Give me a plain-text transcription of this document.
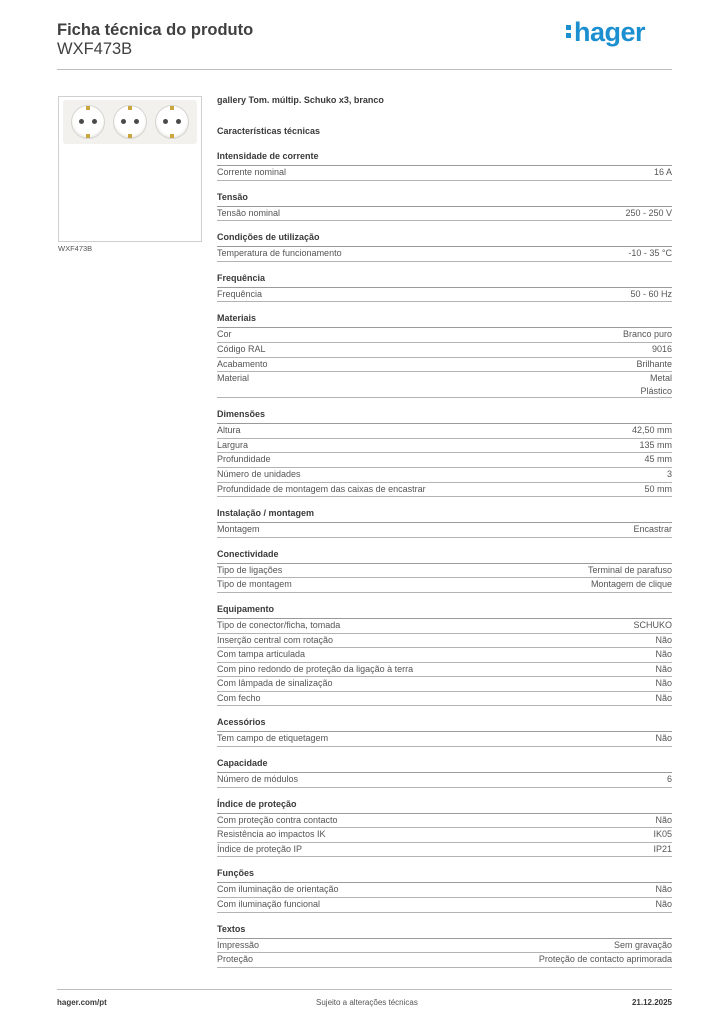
Ficha técnica do produto
WXF473B
hager
WXF473B
gallery Tom. múltip. Schuko x3, branco
Características técnicas
Intensidade de corrente
Corrente nominal	16 A
Tensão
Tensão nominal	250 - 250 V
Condições de utilização
Temperatura de funcionamento	-10 - 35 °C
Frequência
Frequência	50 - 60 Hz
Materiais
Cor	Branco puro
Código RAL	9016
Acabamento	Brilhante
Material	Metal
Plástico
Dimensões
Altura	42,50 mm
Largura	135 mm
Profundidade	45 mm
Número de unidades	3
Profundidade de montagem das caixas de encastrar	50 mm
Instalação / montagem
Montagem	Encastrar
Conectividade
Tipo de ligações	Terminal de parafuso
Tipo de montagem	Montagem de clique
Equipamento
Tipo de conector/ficha, tomada	SCHUKO
Inserção central com rotação	Não
Com tampa articulada	Não
Com pino redondo de proteção da ligação à terra	Não
Com lâmpada de sinalização	Não
Com fecho	Não
Acessórios
Tem campo de etiquetagem	Não
Capacidade
Número de módulos	6
Índice de proteção
Com proteção contra contacto	Não
Resistência ao impactos IK	IK05
Índice de proteção IP	IP21
Funções
Com iluminação de orientação	Não
Com iluminação funcional	Não
Textos
Impressão	Sem gravação
Proteção	Proteção de contacto aprimorada
hager.com/pt	Sujeito a alterações técnicas	21.12.2025
